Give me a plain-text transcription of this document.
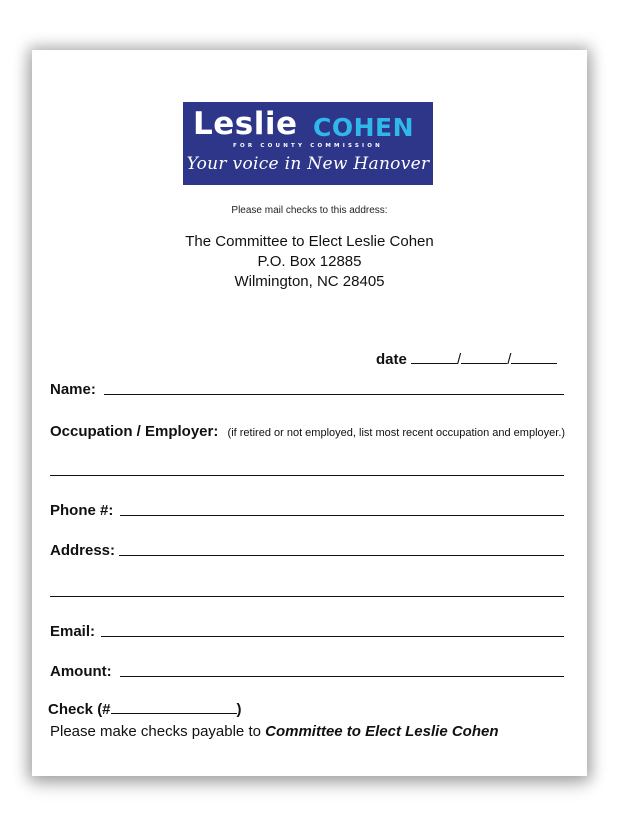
Leslie COHEN
FOR COUNTY COMMISSION
Your voice in New Hanover
Please mail checks to this address:
The Committee to Elect Leslie Cohen
P.O. Box 12885
Wilmington, NC 28405
date	/	/
Name:
Occupation / Employer: (if retired or not employed, list most recent occupation and employer.)
Phone #:
Address:
Email:
Amount:
Check (#	)
Please make checks payable to Committee to Elect Leslie Cohen
